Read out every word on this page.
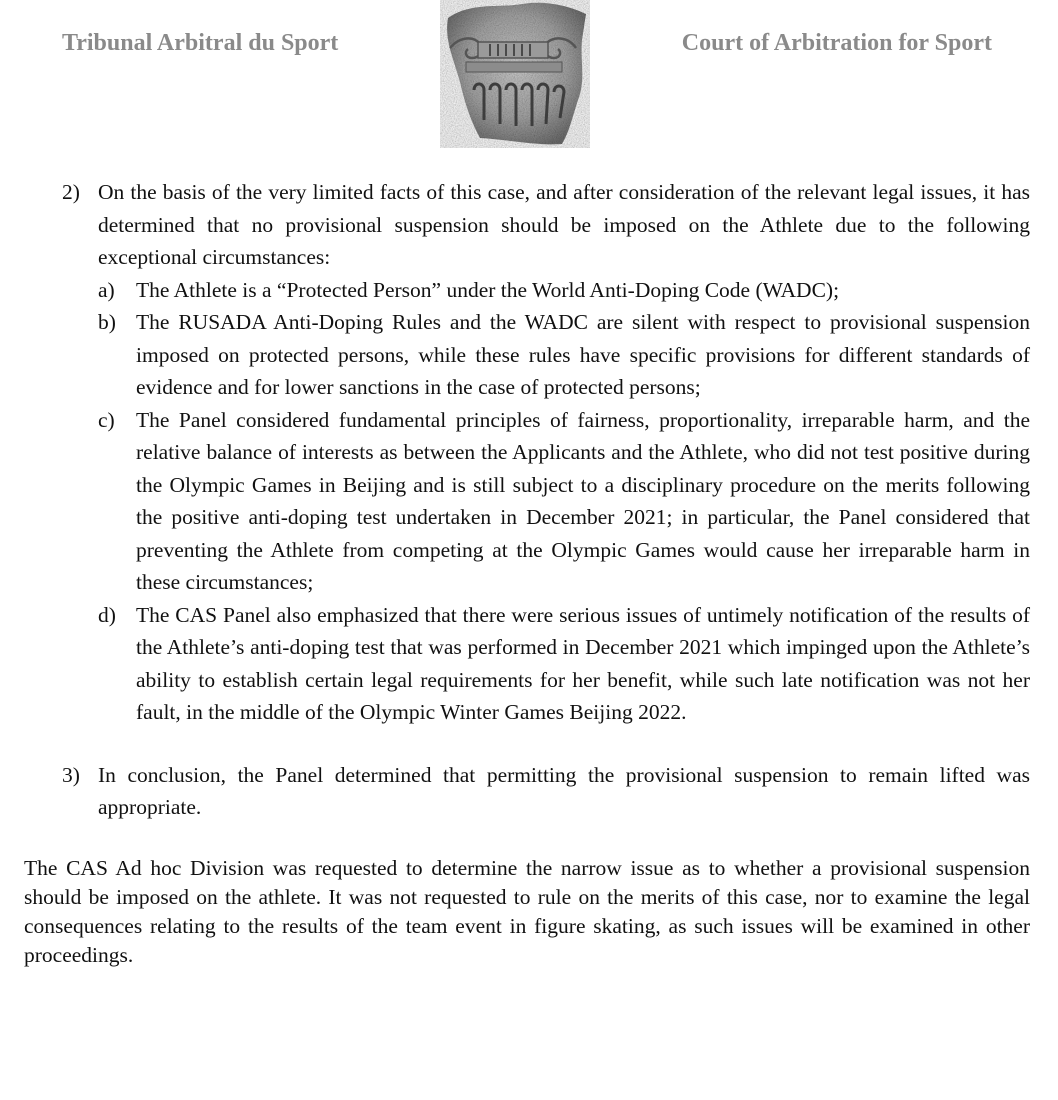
Tribunal Arbitral du Sport	Court of Arbitration for Sport
2) On the basis of the very limited facts of this case, and after consideration of the relevant legal issues, it has determined that no provisional suspension should be imposed on the Athlete due to the following exceptional circumstances:
a) The Athlete is a “Protected Person” under the World Anti-Doping Code (WADC);
b) The RUSADA Anti-Doping Rules and the WADC are silent with respect to provisional suspension imposed on protected persons, while these rules have specific provisions for different standards of evidence and for lower sanctions in the case of protected persons;
c) The Panel considered fundamental principles of fairness, proportionality, irreparable harm, and the relative balance of interests as between the Applicants and the Athlete, who did not test positive during the Olympic Games in Beijing and is still subject to a disciplinary procedure on the merits following the positive anti-doping test undertaken in December 2021; in particular, the Panel considered that preventing the Athlete from competing at the Olympic Games would cause her irreparable harm in these circumstances;
d) The CAS Panel also emphasized that there were serious issues of untimely notification of the results of the Athlete’s anti-doping test that was performed in December 2021 which impinged upon the Athlete’s ability to establish certain legal requirements for her benefit, while such late notification was not her fault, in the middle of the Olympic Winter Games Beijing 2022.
3) In conclusion, the Panel determined that permitting the provisional suspension to remain lifted was appropriate.
The CAS Ad hoc Division was requested to determine the narrow issue as to whether a provisional suspension should be imposed on the athlete. It was not requested to rule on the merits of this case, nor to examine the legal consequences relating to the results of the team event in figure skating, as such issues will be examined in other proceedings.
